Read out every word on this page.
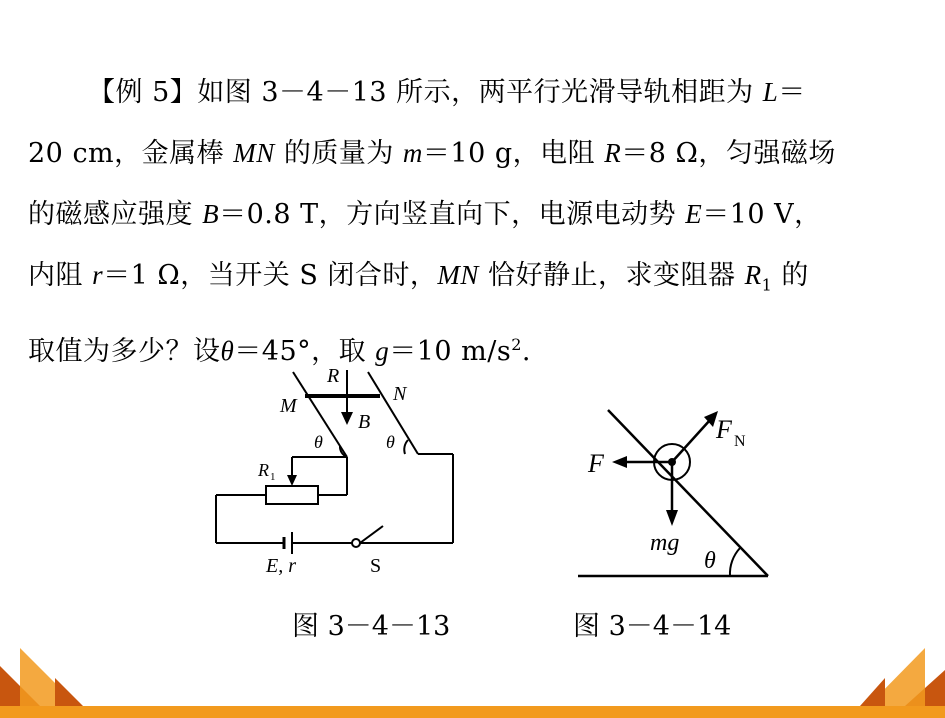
【例 5】如图 3－4－13 所示，两平行光滑导轨相距为 L＝
20 cm，金属棒 MN 的质量为 m＝10 g，电阻 R＝8 Ω，匀强磁场
的磁感应强度 B＝0.8 T，方向竖直向下，电源电动势 E＝10 V，
内阻 r＝1 Ω，当开关 S 闭合时，MN 恰好静止，求变阻器 $R_1$ 的
取值为多少？设θ＝45°，取 g＝10 $m/s^2$.
R
M
N
B
θ	θ
R 1
E, r	S
图 3－4－13
F
F N
mg
θ
图 3－4－14
